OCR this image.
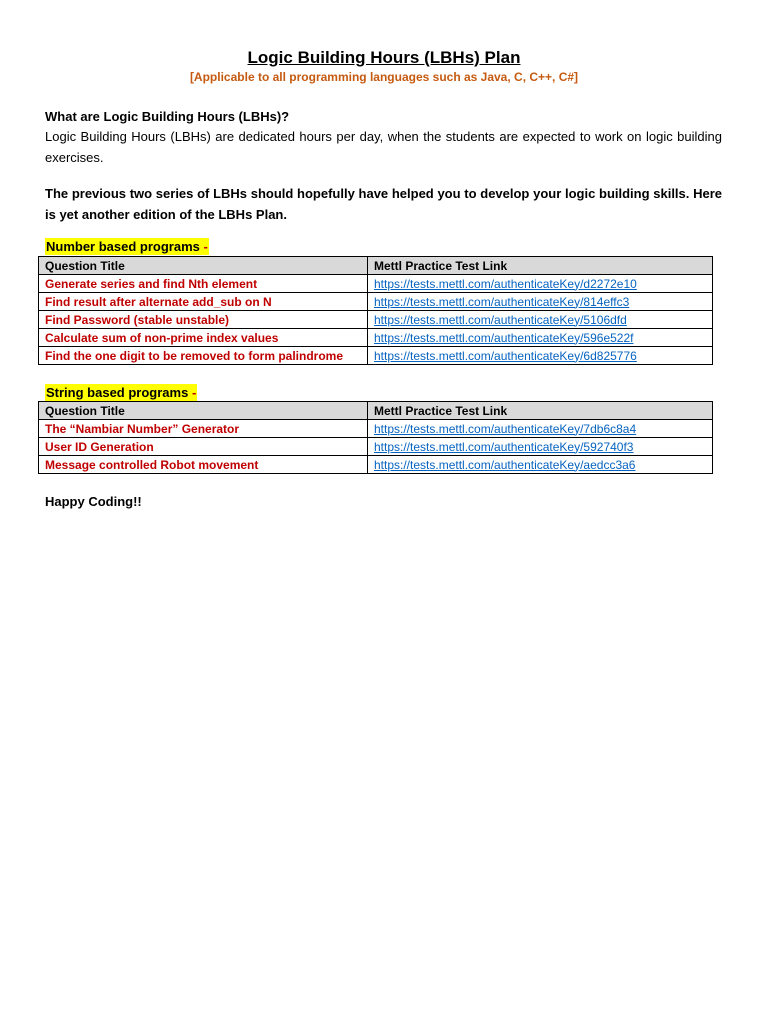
Logic Building Hours (LBHs) Plan
[Applicable to all programming languages such as Java, C, C++, C#]
What are Logic Building Hours (LBHs)?
Logic Building Hours (LBHs) are dedicated hours per day, when the students are expected to work on logic building exercises.
The previous two series of LBHs should hopefully have helped you to develop your logic building skills. Here is yet another edition of the LBHs Plan.
Number based programs -
Question Title	Mettl Practice Test Link
Generate series and find Nth element	https://tests.mettl.com/authenticateKey/d2272e10
Find result after alternate add_sub on N	https://tests.mettl.com/authenticateKey/814effc3
Find Password (stable unstable)	https://tests.mettl.com/authenticateKey/5106dfd
Calculate sum of non-prime index values	https://tests.mettl.com/authenticateKey/596e522f
Find the one digit to be removed to form palindrome	https://tests.mettl.com/authenticateKey/6d825776
String based programs -
Question Title	Mettl Practice Test Link
The “Nambiar Number” Generator	https://tests.mettl.com/authenticateKey/7db6c8a4
User ID Generation	https://tests.mettl.com/authenticateKey/592740f3
Message controlled Robot movement	https://tests.mettl.com/authenticateKey/aedcc3a6
Happy Coding!!
